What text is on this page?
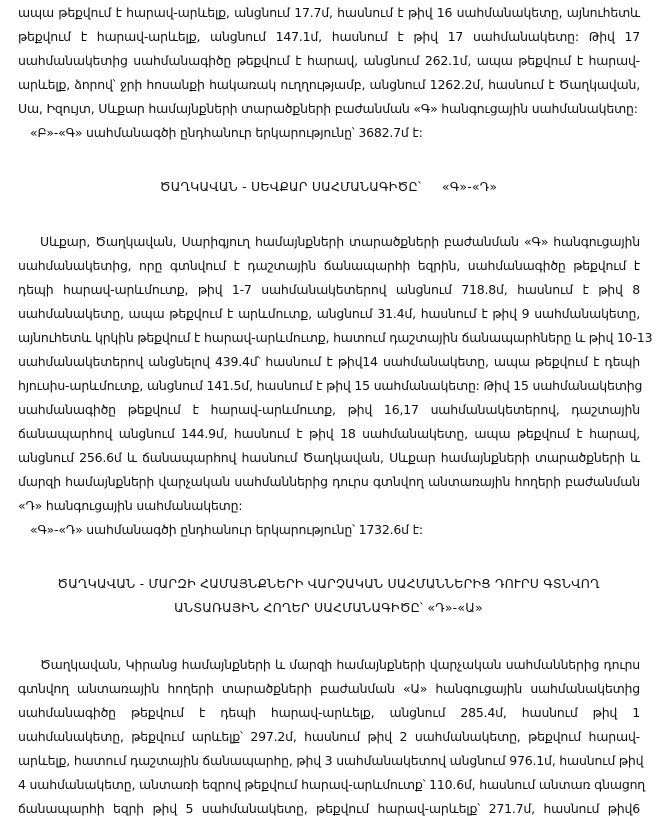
ապա թեքվում է հարավ-արևելք, անցնում 17.7մ, հասնում է թիվ 16 սահմանակետը, այնուհետև
թեքվում է հարավ-արևելք, անցնում 147.1մ, հասնում է թիվ 17 սահմանակետը: Թիվ 17
սահմանակետից սահմանագիծը թեքվում է հարավ, անցնում 262.1մ, ապա թեքվում է հարավ-
արևելք, ձորով՝ ջրի հոսանքի հակառակ ուղղությամբ, անցնում 1262.2մ, հասնում է Ծաղկավան,
Սա, Իզույտ, Սևքար համայնքների տարածքների բաժանման «Գ» հանգուցային սահմանակետը:
«Բ»-«Գ» սահմանագծի ընդհանուր երկարությունը՝ 3682.7մ է:
ԾԱՂԿԱՎԱՆ - ՍԵՎՔԱՐ ՍԱՀՄԱՆԱԳԻԾԸ՝ «Գ»-«Դ»
Սևքար, Ծաղկավան, Սարիգյուղ համայնքների տարածքների բաժանման «Գ» հանգուցային
սահմանակետից, որը գտնվում է դաշտային ճանապարհի եզրին, սահմանագիծը թեքվում է
դեպի հարավ-արևմուտք, թիվ 1-7 սահմանակետերով անցնում 718.8մ, հասնում է թիվ 8
սահմանակետը, ապա թեքվում է արևմուտք, անցնում 31.4մ, հասնում է թիվ 9 սահմանակետը,
այնուհետև կրկին թեքվում է հարավ-արևմուտք, հատում դաշտային ճանապարհները և թիվ 10-13
սահմանակետերով անցնելով 439.4մ՝ հասնում է թիվ14 սահմանակետը, ապա թեքվում է դեպի
հյուսիս-արևմուտք, անցնում 141.5մ, հասնում է թիվ 15 սահմանակետը: Թիվ 15 սահմանակետից
սահմանագիծը թեքվում է հարավ-արևմուտք, թիվ 16,17 սահմանակետերով, դաշտային
ճանապարհով անցնում 144.9մ, հասնում է թիվ 18 սահմանակետը, ապա թեքվում է հարավ,
անցնում 256.6մ և ճանապարհով հասնում Ծաղկավան, Սևքար համայնքների տարածքների և
մարզի համայնքների վարչական սահմաններից դուրս գտնվող անտառային հողերի բաժանման
«Դ» հանգուցային սահմանակետը:
«Գ»-«Դ» սահմանագծի ընդհանուր երկարությունը՝ 1732.6մ է:
ԾԱՂԿԱՎԱՆ - ՄԱՐԶԻ ՀԱՄԱՅՆՔՆԵՐԻ ՎԱՐՉԱԿԱՆ ՍԱՀՄԱՆՆԵՐԻՑ ԴՈՒՐՍ ԳՏՆՎՈՂ
ԱՆՏԱՌԱՅԻՆ ՀՈՂԵՐ ՍԱՀՄԱՆԱԳԻԾԸ՝ «Դ»-«Ա»
Ծաղկավան, Կիրանց համայնքների և մարզի համայնքների վարչական սահմաններից դուրս
գտնվող անտառային հողերի տարածքների բաժանման «Ա» հանգուցային սահմանակետից
սահմանագիծը թեքվում է դեպի հարավ-արևելք, անցնում 285.4մ, հասնում թիվ 1
սահմանակետը, թեքվում արևելք՝ 297.2մ, հասնում թիվ 2 սահմանակետը, թեքվում հարավ-
արևելք, հատում դաշտային ճանապարհը, թիվ 3 սահմանակետով անցնում 976.1մ, հասնում թիվ
4 սահմանակետը, անտառի եզրով թեքվում հարավ-արևմուտք՝ 110.6մ, հասնում անտառ գնացող
ճանապարհի եզրի թիվ 5 սահմանակետը, թեքվում հարավ-արևելք՝ 271.7մ, հասնում թիվ6
